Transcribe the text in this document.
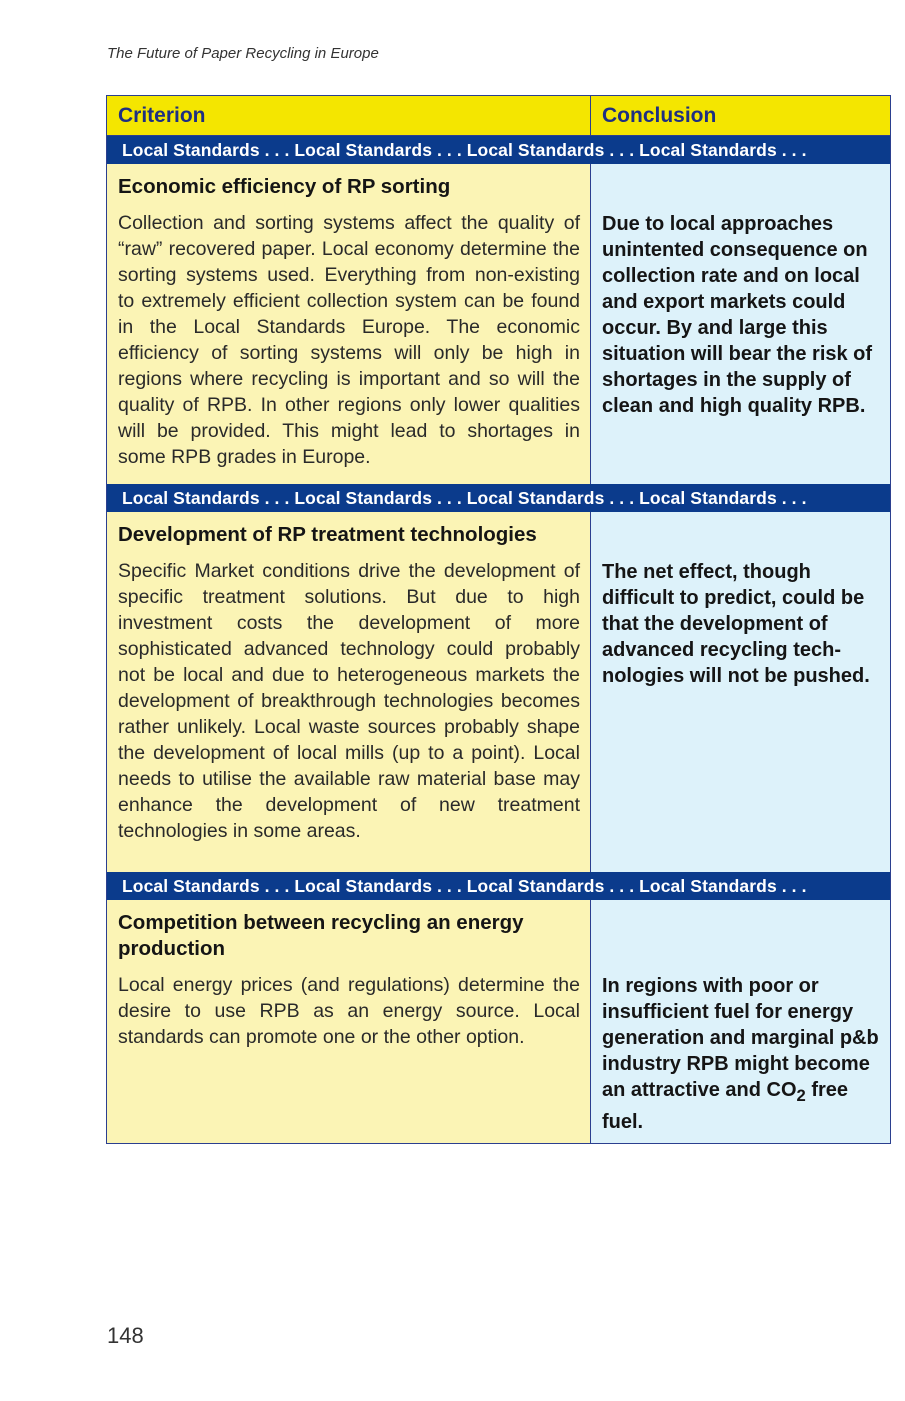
The Future of Paper Recycling in Europe
Criterion	Conclusion
Local Standards . . . Local Standards . . . Local Standards . . . Local Standards . . .

Economic efficiency of RP sorting

Collection and sorting systems affect the quality of “raw” recovered paper. Local economy determine the sorting systems used. Everything from non-existing to extremely efficient collection system can be found in the Local Standards Europe. The economic efficiency of sorting systems will only be high in regions where recycling is important and so will the quality of RPB. In other regions only lower qualities will be provided. This might lead to shortages in some RPB grades in Europe.

Due to local approaches unintented consequence on collection rate and on local and export markets could occur. By and large this situation will bear the risk of shortages in the supply of clean and high quality RPB.

Local Standards . . . Local Standards . . . Local Standards . . . Local Standards . . .

Development of RP treatment technologies

Specific Market conditions drive the development of specific treatment solutions. But due to high investment costs the development of more sophisticated advanced technology could probably not be local and due to heterogeneous markets the development of breakthrough technologies becomes rather unlikely. Local waste sources probably shape the development of local mills (up to a point). Local needs to utilise the available raw material base may enhance the development of new treatment technologies in some areas.

The net effect, though difficult to predict, could be that the development of advanced recycling tech-nologies will not be pushed.

Local Standards . . . Local Standards . . . Local Standards . . . Local Standards . . .

Competition between recycling an energy production

Local energy prices (and regulations) determine the desire to use RPB as an energy source. Local standards can promote one or the other option.

In regions with poor or insufficient fuel for energy generation and marginal p&b industry RPB might become an attractive and $CO_2$ free fuel.

148
